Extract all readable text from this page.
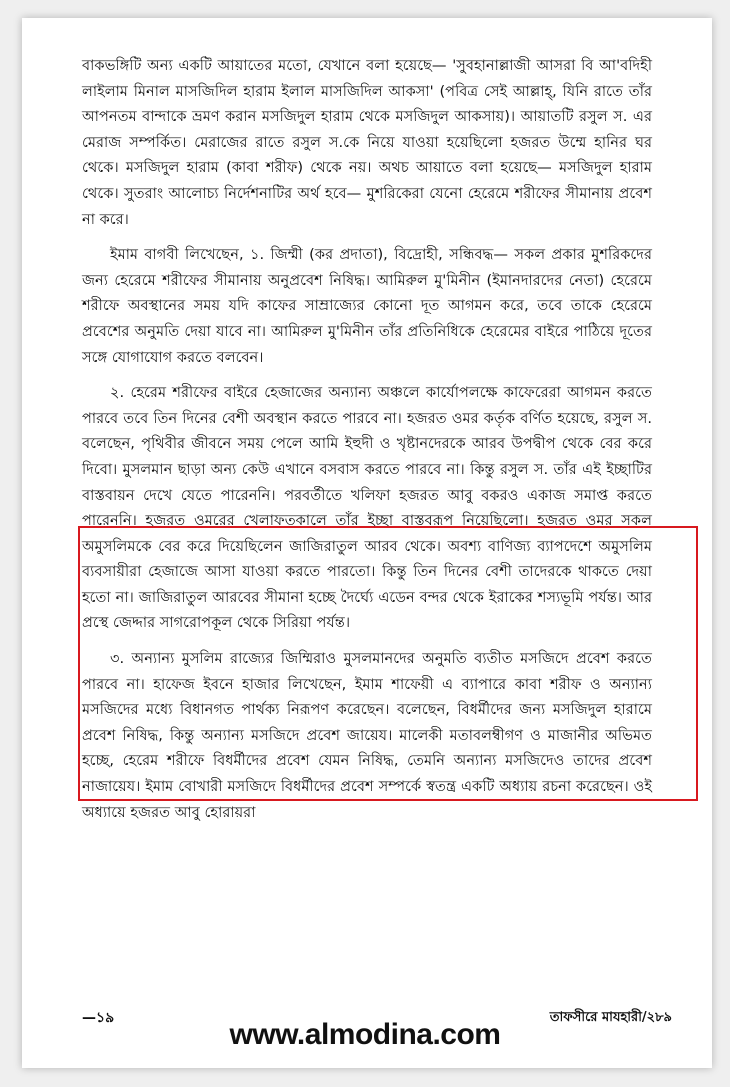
বাকভঙ্গিটি অন্য একটি আয়াতের মতো, যেখানে বলা হয়েছে— 'সুবহানাল্লাজী আসরা বি আ'বদিহী লাইলাম মিনাল মাসজিদিল হারাম ইলাল মাসজিদিল আকসা' (পবিত্র সেই আল্লাহ্, যিনি রাতে তাঁর আপনতম বান্দাকে ভ্রমণ করান মসজিদুল হারাম থেকে মসজিদুল আকসায়)। আয়াতটি রসুল স. এর মেরাজ সম্পর্কিত। মেরাজের রাতে রসুল স.কে নিয়ে যাওয়া হয়েছিলো হজরত উম্মে হানির ঘর থেকে। মসজিদুল হারাম (কাবা শরীফ) থেকে নয়। অথচ আয়াতে বলা হয়েছে— মসজিদুল হারাম থেকে। সুতরাং আলোচ্য নির্দেশনাটির অর্থ হবে— মুশরিকেরা যেনো হেরেমে শরীফের সীমানায় প্রবেশ না করে।

ইমাম বাগবী লিখেছেন, ১. জিম্মী (কর প্রদাতা), বিদ্রোহী, সন্ধিবদ্ধ— সকল প্রকার মুশরিকদের জন্য হেরেমে শরীফের সীমানায় অনুপ্রবেশ নিষিদ্ধ। আমিরুল মু'মিনীন (ইমানদারদের নেতা) হেরেমে শরীফে অবস্থানের সময় যদি কাফের সাম্রাজ্যের কোনো দূত আগমন করে, তবে তাকে হেরেমে প্রবেশের অনুমতি দেয়া যাবে না। আমিরুল মু'মিনীন তাঁর প্রতিনিধিকে হেরেমের বাইরে পাঠিয়ে দূতের সঙ্গে যোগাযোগ করতে বলবেন।

২. হেরেম শরীফের বাইরে হেজাজের অন্যান্য অঞ্চলে কার্যোপলক্ষে কাফেরেরা আগমন করতে পারবে তবে তিন দিনের বেশী অবস্থান করতে পারবে না। হজরত ওমর কর্তৃক বর্ণিত হয়েছে, রসুল স. বলেছেন, পৃথিবীর জীবনে সময় পেলে আমি ইহুদী ও খৃষ্টানদেরকে আরব উপদ্বীপ থেকে বের করে দিবো। মুসলমান ছাড়া অন্য কেউ এখানে বসবাস করতে পারবে না। কিন্তু রসুল স. তাঁর এই ইচ্ছাটির বাস্তবায়ন দেখে যেতে পারেননি। পরবর্তীতে খলিফা হজরত আবু বকরও একাজ সমাপ্ত করতে পারেননি। হজরত ওমরের খেলাফতকালে তাঁর ইচ্ছা বাস্তবরূপ নিয়েছিলো। হজরত ওমর সকল অমুসলিমকে বের করে দিয়েছিলেন জাজিরাতুল আরব থেকে। অবশ্য বাণিজ্য ব্যাপদেশে অমুসলিম ব্যবসায়ীরা হেজাজে আসা যাওয়া করতে পারতো। কিন্তু তিন দিনের বেশী তাদেরকে থাকতে দেয়া হতো না। জাজিরাতুল আরবের সীমানা হচ্ছে দৈর্ঘ্যে এডেন বন্দর থেকে ইরাকের শস্যভূমি পর্যন্ত। আর প্রস্থে জেদ্দার সাগরোপকূল থেকে সিরিয়া পর্যন্ত।

৩. অন্যান্য মুসলিম রাজ্যের জিম্মিরাও মুসলমানদের অনুমতি ব্যতীত মসজিদে প্রবেশ করতে পারবে না। হাফেজ ইবনে হাজার লিখেছেন, ইমাম শাফেয়ী এ ব্যাপারে কাবা শরীফ ও অন্যান্য মসজিদের মধ্যে বিধানগত পার্থক্য নিরূপণ করেছেন। বলেছেন, বিধর্মীদের জন্য মসজিদুল হারামে প্রবেশ নিষিদ্ধ, কিন্তু অন্যান্য মসজিদে প্রবেশ জায়েয। মালেকী মতাবলম্বীগণ ও মাজানীর অভিমত হচ্ছে, হেরেম শরীফে বিধর্মীদের প্রবেশ যেমন নিষিদ্ধ, তেমনি অন্যান্য মসজিদেও তাদের প্রবেশ নাজায়েয। ইমাম বোখারী মসজিদে বিধর্মীদের প্রবেশ সম্পর্কে স্বতন্ত্র একটি অধ্যায় রচনা করেছেন। ওই অধ্যায়ে হজরত আবু হোরায়রা

—১৯	তাফসীরে মাযহারী/২৮৯
www.almodina.com
